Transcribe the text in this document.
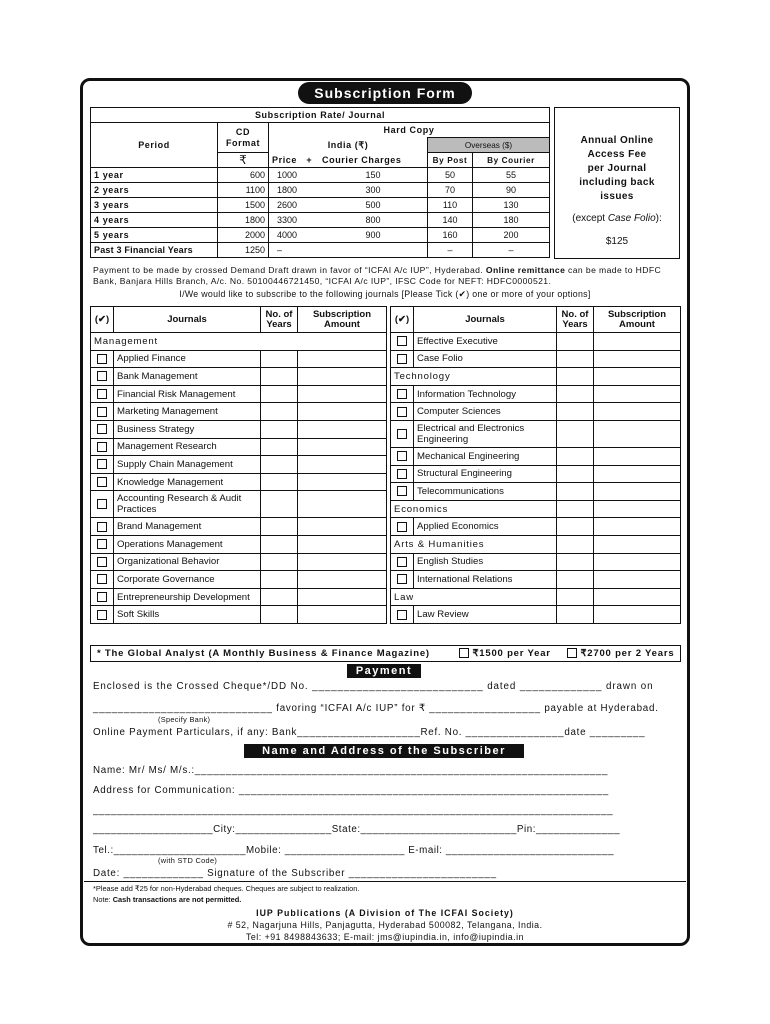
Subscription Form
Subscription Rate/ Journal					
Period	CD Format	Hard Copy			
		India (₹)		Overseas ($)	
	₹	Price +	Courier Charges	By Post	By Courier
1 year	600	1000	150	50	55
2 years	1100	1800	300	70	90
3 years	1500	2600	500	110	130
4 years	1800	3300	800	140	180
5 years	2000	4000	900	160	200
Past 3 Financial Years	1250	–		–	–
Annual Online
Access Fee
per Journal
including back
issues
(except Case Folio):
$125
Payment to be made by crossed Demand Draft drawn in favor of “ICFAI A/c IUP”, Hyderabad. Online remittance can be made to HDFC Bank, Banjara Hills Branch, A/c. No. 50100446721450, “ICFAI A/c IUP”, IFSC Code for NEFT: HDFC0000521.
I/We would like to subscribe to the following journals [Please Tick (✔) one or more of your options]
(✔)	Journals	No. of Years	Subscription Amount
Management			
	Applied Finance		
	Bank Management		
	Financial Risk Management		
	Marketing Management		
	Business Strategy		
	Management Research		
	Supply Chain Management		
	Knowledge Management		
	Accounting Research & Audit Practices		
	Brand Management		
	Operations Management		
	Organizational Behavior		
	Corporate Governance		
	Entrepreneurship Development		
	Soft Skills		
(✔)	Journals	No. of Years	Subscription Amount
	Effective Executive		
	Case Folio		
Technology			
	Information Technology		
	Computer Sciences		
	Electrical and Electronics Engineering		
	Mechanical Engineering		
	Structural Engineering		
	Telecommunications		
Economics			
	Applied Economics		
Arts & Humanities			
	English Studies		
	International Relations		
Law			
	Law Review		
* The Global Analyst (A Monthly Business & Finance Magazine)	₹1500 per Year	₹2700 per 2 Years
Payment
Enclosed is the Crossed Cheque*/DD No. ___________________________ dated _____________ drawn on
_____________________________ favoring “ICFAI A/c IUP” for ₹ __________________ payable at Hyderabad.
(Specify Bank)
Online Payment Particulars, if any: Bank____________________Ref. No. ________________date _________
Name and Address of the Subscriber
Name: Mr/ Ms/ M/s.:___________________________________________________________________
Address for Communication: ____________________________________________________________
______________________________________________________________________________________
____________________City:________________State:__________________________Pin:______________
Tel.:______________________Mobile: ____________________ E-mail: ____________________________
(with STD Code)
Date: _____________ Signature of the Subscriber ________________________
*Please add ₹25 for non-Hyderabad cheques. Cheques are subject to realization.
Note: Cash transactions are not permitted.
IUP Publications (A Division of The ICFAI Society)
# 52, Nagarjuna Hills, Panjagutta, Hyderabad 500082, Telangana, India.
Tel: +91 8498843633; E-mail: jms@iupindia.in, info@iupindia.in
